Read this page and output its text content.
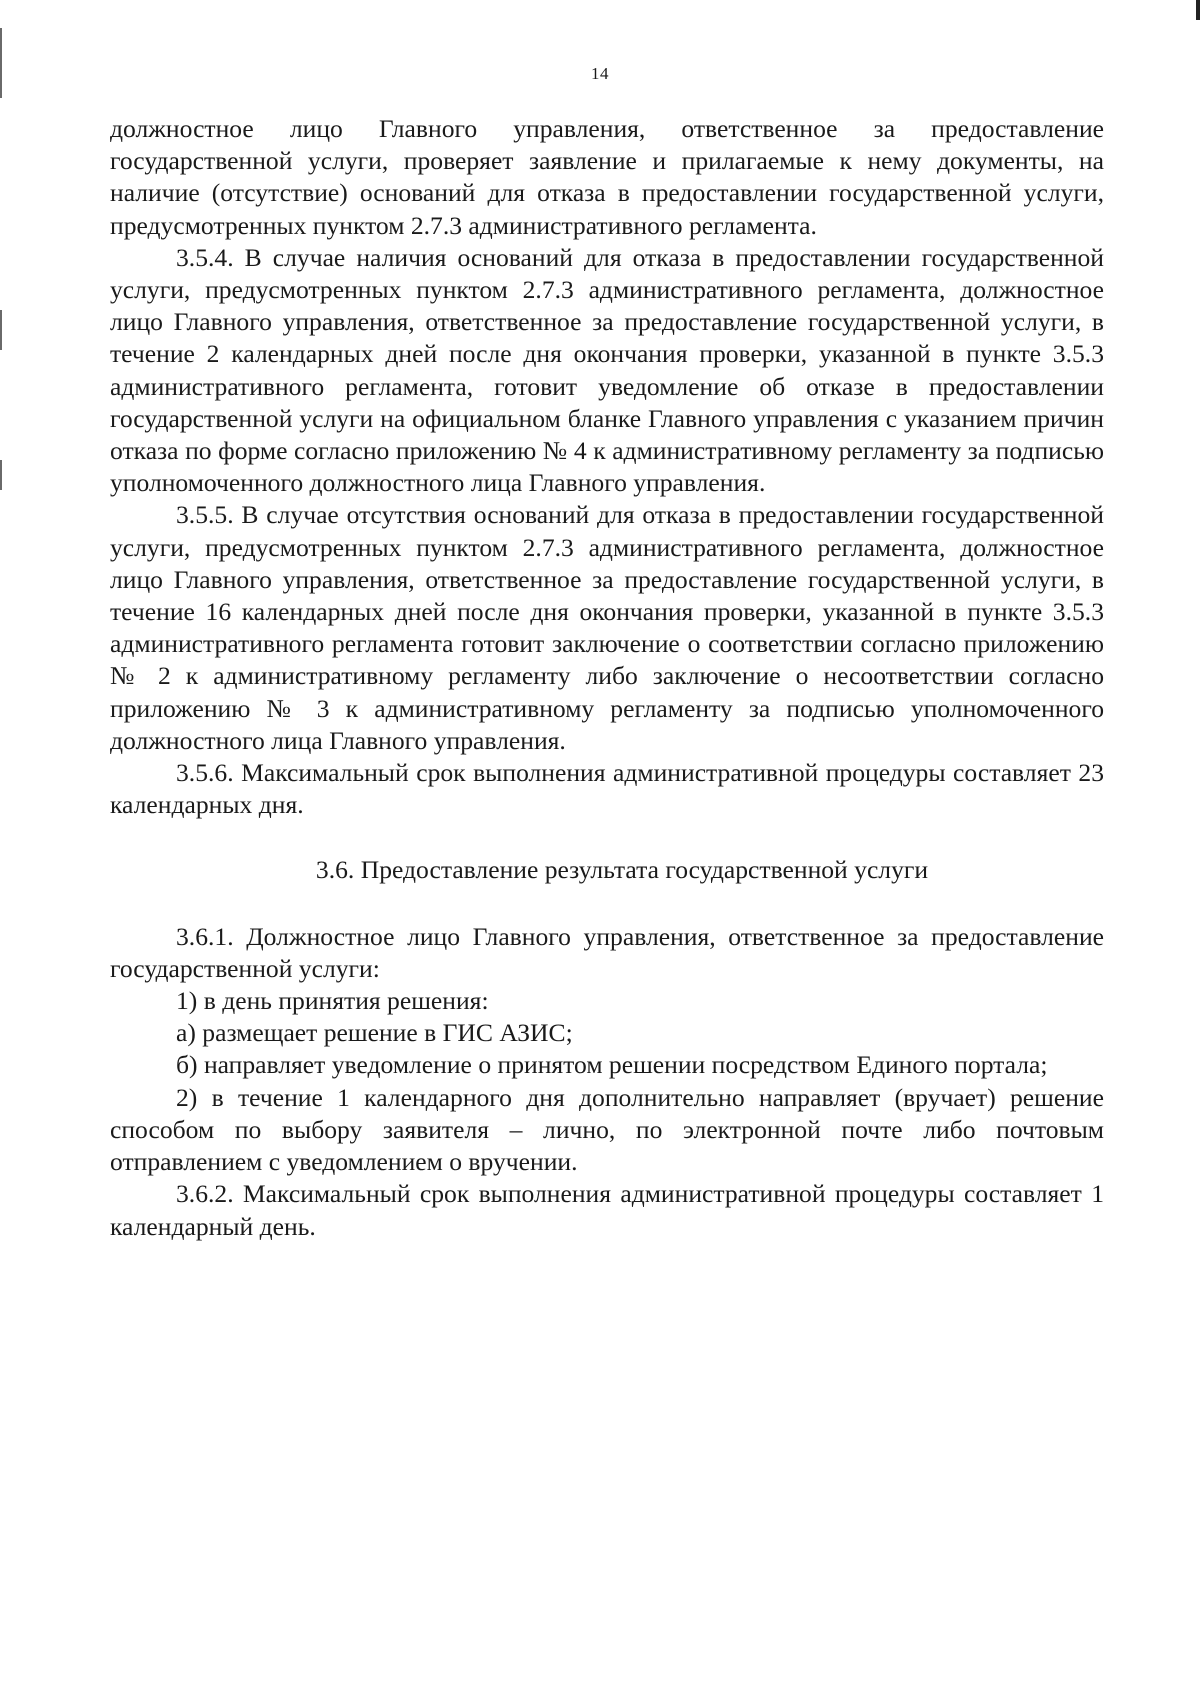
14

должностное лицо Главного управления, ответственное за предоставление государственной услуги, проверяет заявление и прилагаемые к нему документы, на наличие (отсутствие) оснований для отказа в предоставлении государственной услуги, предусмотренных пунктом 2.7.3 административного регламента.

3.5.4. В случае наличия оснований для отказа в предоставлении государственной услуги, предусмотренных пунктом 2.7.3 административного регламента, должностное лицо Главного управления, ответственное за предоставление государственной услуги, в течение 2 календарных дней после дня окончания проверки, указанной в пункте 3.5.3 административного регламента, готовит уведомление об отказе в предоставлении государственной услуги на официальном бланке Главного управления с указанием причин отказа по форме согласно приложению № 4 к административному регламенту за подписью уполномоченного должностного лица Главного управления.

3.5.5. В случае отсутствия оснований для отказа в предоставлении государственной услуги, предусмотренных пунктом 2.7.3 административного регламента, должностное лицо Главного управления, ответственное за предоставление государственной услуги, в течение 16 календарных дней после дня окончания проверки, указанной в пункте 3.5.3 административного регламента готовит заключение о соответствии согласно приложению № 2 к административному регламенту либо заключение о несоответствии согласно приложению № 3 к административному регламенту за подписью уполномоченного должностного лица Главного управления.

3.5.6. Максимальный срок выполнения административной процедуры составляет 23 календарных дня.

3.6. Предоставление результата государственной услуги

3.6.1. Должностное лицо Главного управления, ответственное за предоставление государственной услуги:

1) в день принятия решения:

а) размещает решение в ГИС АЗИС;

б) направляет уведомление о принятом решении посредством Единого портала;

2) в течение 1 календарного дня дополнительно направляет (вручает) решение способом по выбору заявителя – лично, по электронной почте либо почтовым отправлением с уведомлением о вручении.

3.6.2. Максимальный срок выполнения административной процедуры составляет 1 календарный день.
